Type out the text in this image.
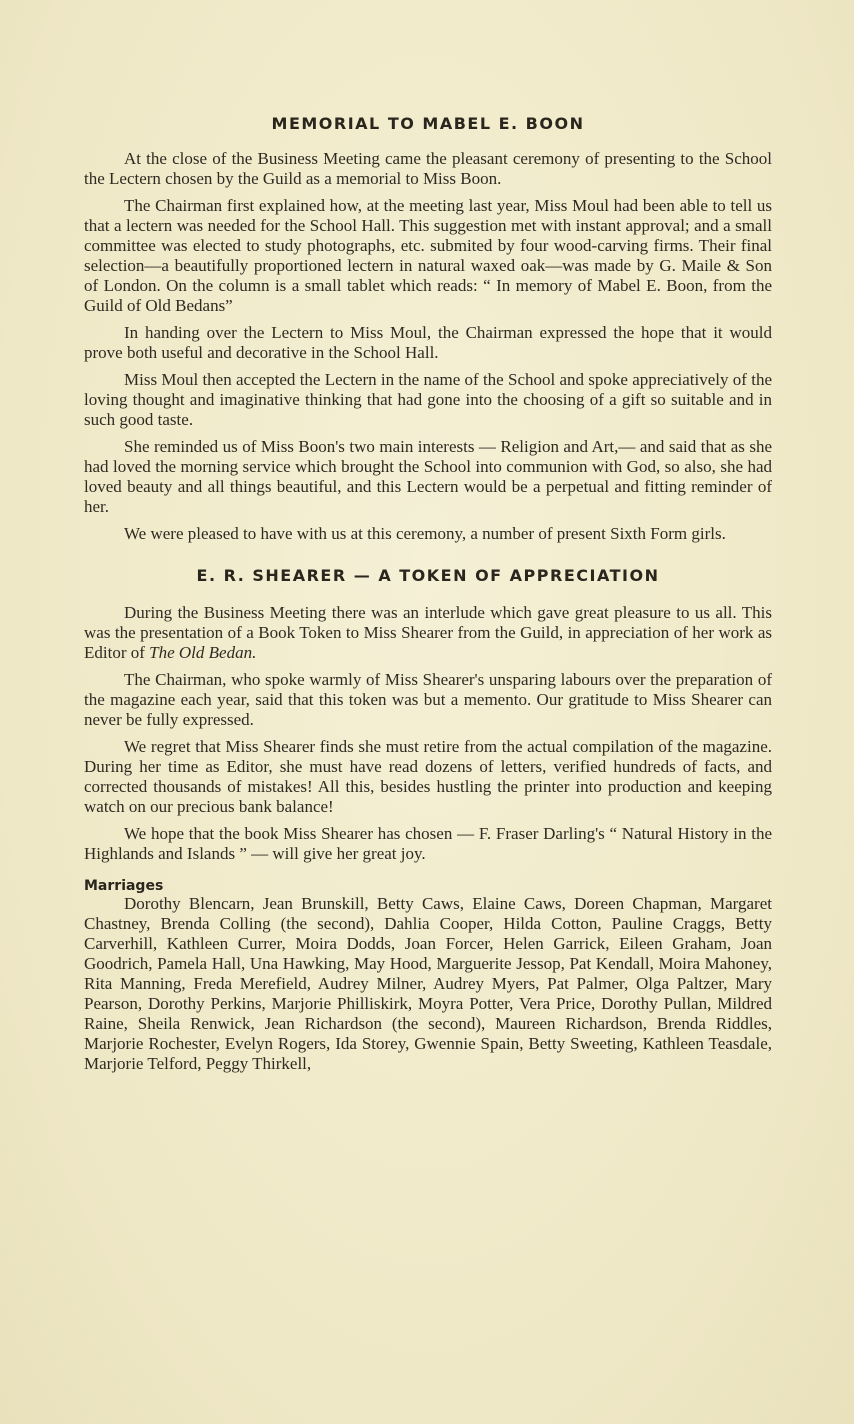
MEMORIAL TO MABEL E. BOON

At the close of the Business Meeting came the pleasant ceremony of presenting to the School the Lectern chosen by the Guild as a memorial to Miss Boon.

The Chairman first explained how, at the meeting last year, Miss Moul had been able to tell us that a lectern was needed for the School Hall. This suggestion met with instant approval; and a small committee was elected to study photographs, etc. submited by four wood-carving firms. Their final selection—a beautifully proportioned lectern in natural waxed oak—was made by G. Maile & Son of London. On the column is a small tablet which reads: “ In memory of Mabel E. Boon, from the Guild of Old Bedans”

In handing over the Lectern to Miss Moul, the Chairman expressed the hope that it would prove both useful and decorative in the School Hall.

Miss Moul then accepted the Lectern in the name of the School and spoke appreciatively of the loving thought and imaginative thinking that had gone into the choosing of a gift so suitable and in such good taste.

She reminded us of Miss Boon's two main interests — Religion and Art,— and said that as she had loved the morning service which brought the School into communion with God, so also, she had loved beauty and all things beautiful, and this Lectern would be a perpetual and fitting reminder of her.

We were pleased to have with us at this ceremony, a number of present Sixth Form girls.

E. R. SHEARER — A TOKEN OF APPRECIATION

During the Business Meeting there was an interlude which gave great pleasure to us all. This was the presentation of a Book Token to Miss Shearer from the Guild, in appreciation of her work as Editor of The Old Bedan.

The Chairman, who spoke warmly of Miss Shearer's unsparing labours over the preparation of the magazine each year, said that this token was but a memento. Our gratitude to Miss Shearer can never be fully expressed.

We regret that Miss Shearer finds she must retire from the actual compilation of the magazine. During her time as Editor, she must have read dozens of letters, verified hundreds of facts, and corrected thousands of mistakes! All this, besides hustling the printer into production and keeping watch on our precious bank balance!

We hope that the book Miss Shearer has chosen — F. Fraser Darling's “ Natural History in the Highlands and Islands ” — will give her great joy.

Marriages

Dorothy Blencarn, Jean Brunskill, Betty Caws, Elaine Caws, Doreen Chapman, Margaret Chastney, Brenda Colling (the second), Dahlia Cooper, Hilda Cotton, Pauline Craggs, Betty Carverhill, Kathleen Currer, Moira Dodds, Joan Forcer, Helen Garrick, Eileen Graham, Joan Goodrich, Pamela Hall, Una Hawking, May Hood, Marguerite Jessop, Pat Kendall, Moira Mahoney, Rita Manning, Freda Merefield, Audrey Milner, Audrey Myers, Pat Palmer, Olga Paltzer, Mary Pearson, Dorothy Perkins, Marjorie Philliskirk, Moyra Potter, Vera Price, Dorothy Pullan, Mildred Raine, Sheila Renwick, Jean Richardson (the second), Maureen Richardson, Brenda Riddles, Marjorie Rochester, Evelyn Rogers, Ida Storey, Gwennie Spain, Betty Sweeting, Kathleen Teasdale, Marjorie Telford, Peggy Thirkell,
